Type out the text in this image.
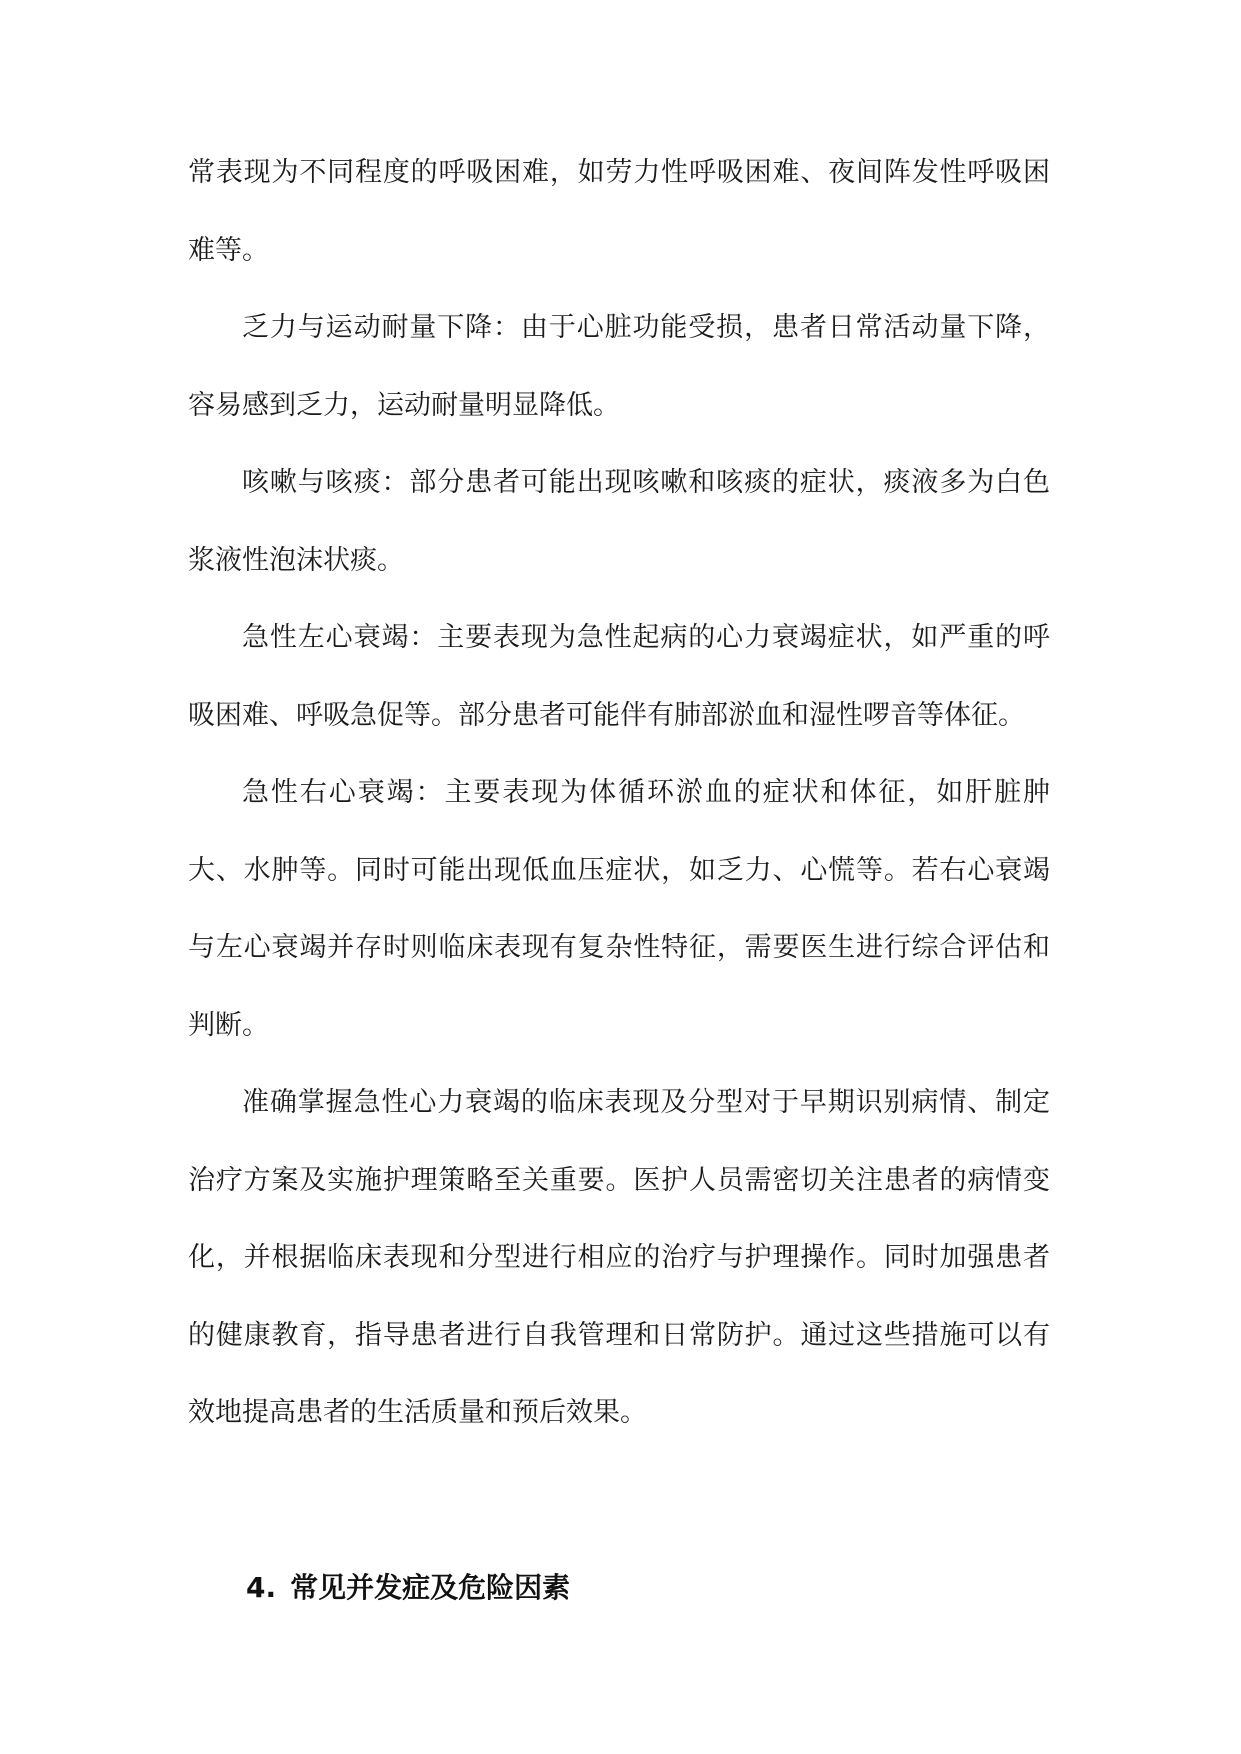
常表现为不同程度的呼吸困难，如劳力性呼吸困难、夜间阵发性呼吸困难等。

乏力与运动耐量下降：由于心脏功能受损，患者日常活动量下降，容易感到乏力，运动耐量明显降低。

咳嗽与咳痰：部分患者可能出现咳嗽和咳痰的症状，痰液多为白色浆液性泡沫状痰。

急性左心衰竭：主要表现为急性起病的心力衰竭症状，如严重的呼吸困难、呼吸急促等。部分患者可能伴有肺部淤血和湿性啰音等体征。

急性右心衰竭：主要表现为体循环淤血的症状和体征，如肝脏肿大、水肿等。同时可能出现低血压症状，如乏力、心慌等。若右心衰竭与左心衰竭并存时则临床表现有复杂性特征，需要医生进行综合评估和判断。

准确掌握急性心力衰竭的临床表现及分型对于早期识别病情、制定治疗方案及实施护理策略至关重要。医护人员需密切关注患者的病情变化，并根据临床表现和分型进行相应的治疗与护理操作。同时加强患者的健康教育，指导患者进行自我管理和日常防护。通过这些措施可以有效地提高患者的生活质量和预后效果。

4. 常见并发症及危险因素
